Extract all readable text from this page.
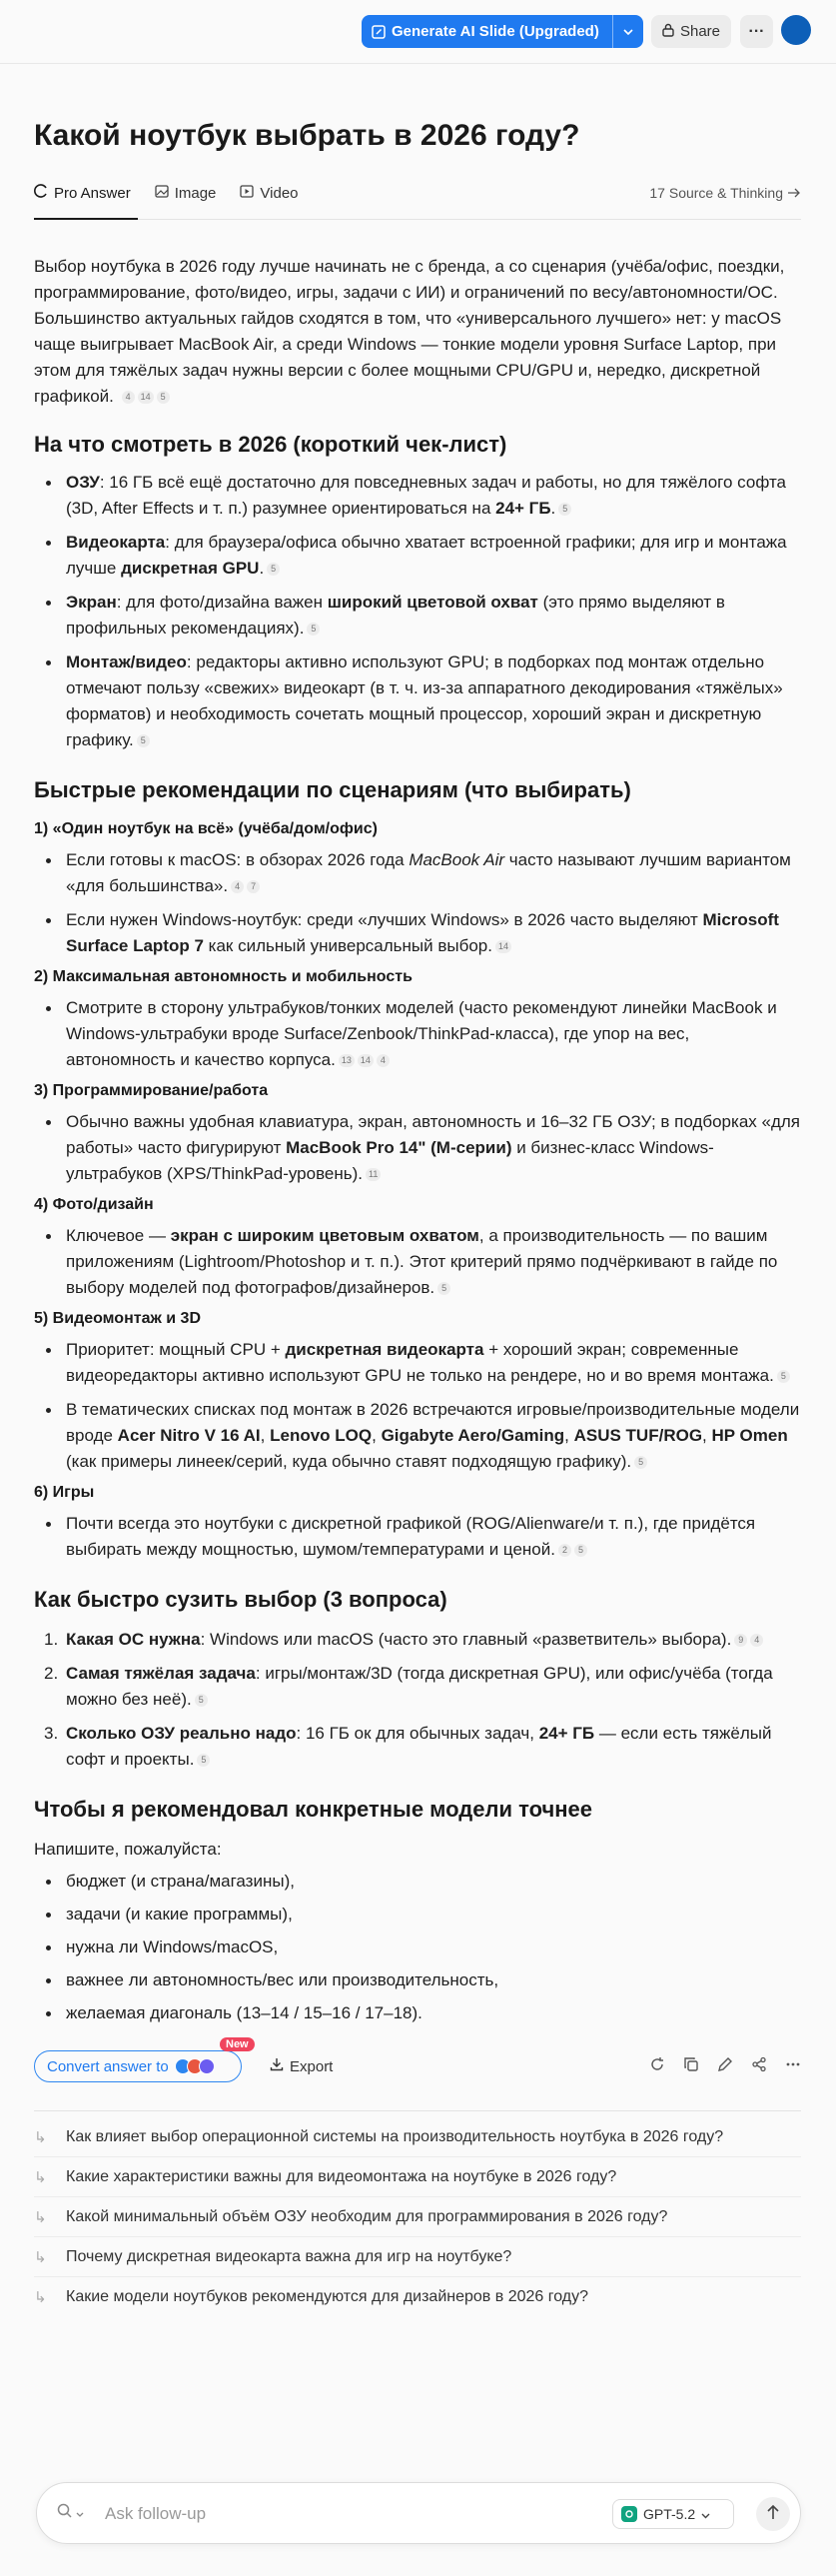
Generate AI Slide (Upgraded)	Share ···
Какой ноутбук выбрать в 2026 году?
Pro Answer	Image	Video	17 Source & Thinking

Выбор ноутбука в 2026 году лучше начинать не с бренда, а со сценария (учёба/офис, поездки, программирование, фото/видео, игры, задачи с ИИ) и ограничений по весу/автономности/ОС. Большинство актуальных гайдов сходятся в том, что «универсального лучшего» нет: у macOS чаще выигрывает MacBook Air, а среди Windows — тонкие модели уровня Surface Laptop, при этом для тяжёлых задач нужны версии с более мощными CPU/GPU и, нередко, дискретной графикой. 4 14 5

На что смотреть в 2026 (короткий чек-лист)
ОЗУ: 16 ГБ всё ещё достаточно для повседневных задач и работы, но для тяжёлого софта (3D, After Effects и т. п.) разумнее ориентироваться на 24+ ГБ. 5
Видеокарта: для браузера/офиса обычно хватает встроенной графики; для игр и монтажа лучше дискретная GPU. 5
Экран: для фото/дизайна важен широкий цветовой охват (это прямо выделяют в профильных рекомендациях). 5
Монтаж/видео: редакторы активно используют GPU; в подборках под монтаж отдельно отмечают пользу «свежих» видеокарт (в т. ч. из-за аппаратного декодирования «тяжёлых» форматов) и необходимость сочетать мощный процессор, хороший экран и дискретную графику. 5
Быстрые рекомендации по сценариям (что выбирать)
1) «Один ноутбук на всё» (учёба/дом/офис)
Если готовы к macOS: в обзорах 2026 года MacBook Air часто называют лучшим вариантом «для большинства». 4 7
Если нужен Windows-ноутбук: среди «лучших Windows» в 2026 часто выделяют Microsoft Surface Laptop 7 как сильный универсальный выбор. 14
2) Максимальная автономность и мобильность
Смотрите в сторону ультрабуков/тонких моделей (часто рекомендуют линейки MacBook и Windows-ультрабуки вроде Surface/Zenbook/ThinkPad-класса), где упор на вес, автономность и качество корпуса. 13 14 4
3) Программирование/работа
Обычно важны удобная клавиатура, экран, автономность и 16–32 ГБ ОЗУ; в подборках «для работы» часто фигурируют MacBook Pro 14" (M-серии) и бизнес-класс Windows-ультрабуков (XPS/ThinkPad-уровень). 11
4) Фото/дизайн
Ключевое — экран с широким цветовым охватом, а производительность — по вашим приложениям (Lightroom/Photoshop и т. п.). Этот критерий прямо подчёркивают в гайде по выбору моделей под фотографов/дизайнеров. 5
5) Видеомонтаж и 3D
Приоритет: мощный CPU + дискретная видеокарта + хороший экран; современные видеоредакторы активно используют GPU не только на рендере, но и во время монтажа. 5
В тематических списках под монтаж в 2026 встречаются игровые/производительные модели вроде Acer Nitro V 16 AI, Lenovo LOQ, Gigabyte Aero/Gaming, ASUS TUF/ROG, HP Omen (как примеры линеек/серий, куда обычно ставят подходящую графику). 5
6) Игры
Почти всегда это ноутбуки с дискретной графикой (ROG/Alienware/и т. п.), где придётся выбирать между мощностью, шумом/температурами и ценой. 2 5
Как быстро сузить выбор (3 вопроса)
1. Какая ОС нужна: Windows или macOS (часто это главный «разветвитель» выбора). 9 4
2. Самая тяжёлая задача: игры/монтаж/3D (тогда дискретная GPU), или офис/учёба (тогда можно без неё). 5
3. Сколько ОЗУ реально надо: 16 ГБ ок для обычных задач, 24+ ГБ — если есть тяжёлый софт и проекты. 5
Чтобы я рекомендовал конкретные модели точнее

Напишите, пожалуйста:

бюджет (и страна/магазины),
задачи (и какие программы),
нужна ли Windows/macOS,
важнее ли автономность/вес или производительность,
желаемая диагональ (13–14 / 15–16 / 17–18).
Convert answer to
New
Export
↳	Как влияет выбор операционной системы на производительность ноутбука в 2026 году?
↳	Какие характеристики важны для видеомонтажа на ноутбуке в 2026 году?
↳	Какой минимальный объём ОЗУ необходим для программирования в 2026 году?
↳	Почему дискретная видеокарта важна для игр на ноутбуке?
↳	Какие модели ноутбуков рекомендуются для дизайнеров в 2026 году?
Ask follow-up
GPT-5.2
